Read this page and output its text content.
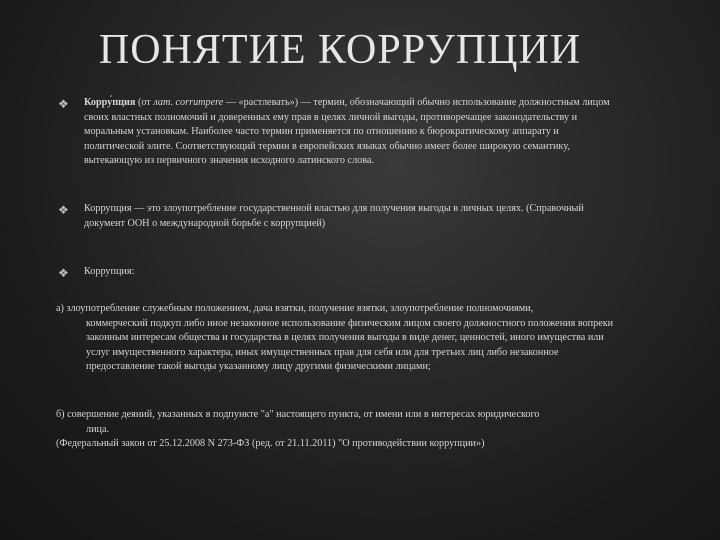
ПОНЯТИЕ КОРРУПЦИИ
❖	Корру́пция (от лат. corrumpere — «растлевать») — термин, обозначающий обычно использование должностным лицом своих властных полномочий и доверенных ему прав в целях личной выгоды, противоречащее законодательству и моральным установкам. Наиболее часто термин применяется по отношению к бюрократическому аппарату и политической элите. Соответствующий термин в европейских языках обычно имеет более широкую семантику, вытекающую из первичного значения исходного латинского слова.
❖	Коррупция — это злоупотребление государственной властью для получения выгоды в личных целях. (Справочный документ ООН о международной борьбе с коррупцией)
❖	Коррупция:
а) злоупотребление служебным положением, дача взятки, получение взятки, злоупотребление полномочиями,
коммерческий подкуп либо иное незаконное использование физическим лицом своего должностного положения вопреки законным интересам общества и государства в целях получения выгоды в виде денег, ценностей, иного имущества или услуг имущественного характера, иных имущественных прав для себя или для третьих лиц либо незаконное предоставление такой выгоды указанному лицу другими физическими лицами;
б) совершение деяний, указанных в подпункте "а" настоящего пункта, от имени или в интересах юридического
лица.
(Федеральный закон от 25.12.2008 N 273-ФЗ (ред. от 21.11.2011) "О противодействии коррупции»)
